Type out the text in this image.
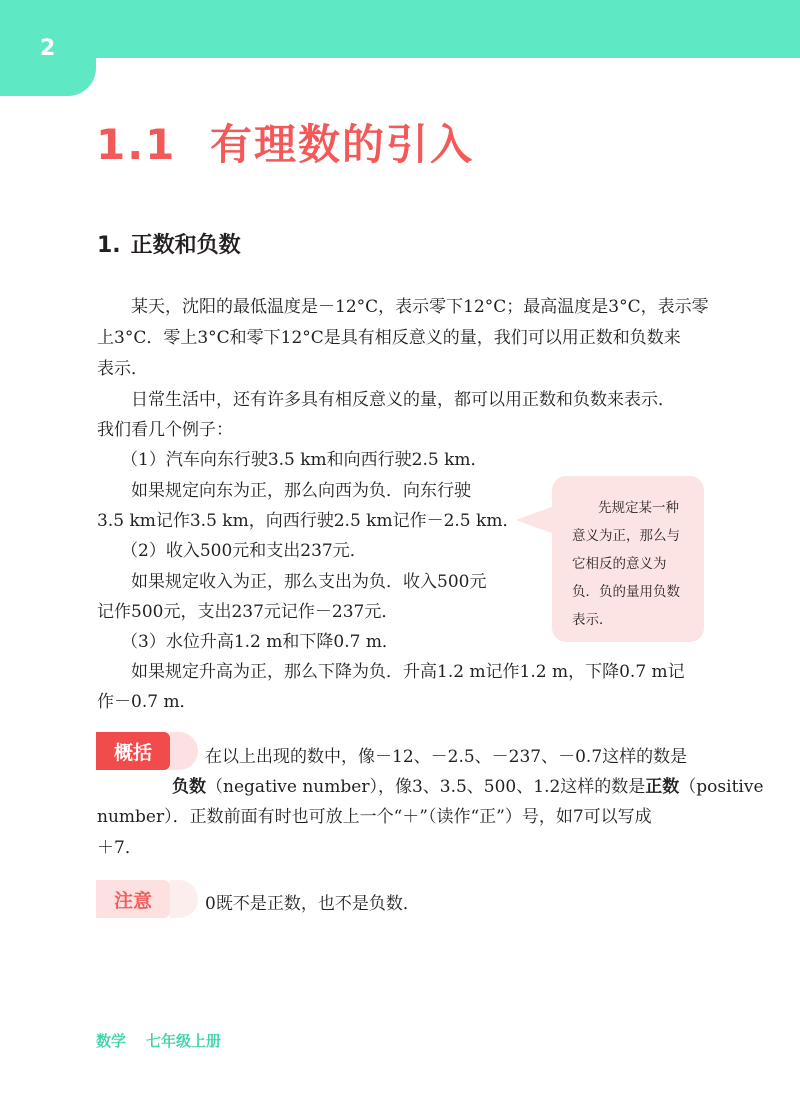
2
1.1 有理数的引入
1. 正数和负数
某天，沈阳的最低温度是－12°C，表示零下12°C；最高温度是3°C，表示零
上3°C．零上3°C和零下12°C是具有相反意义的量，我们可以用正数和负数来
表示．
日常生活中，还有许多具有相反意义的量，都可以用正数和负数来表示．
我们看几个例子：
（1）汽车向东行驶3.5 km和向西行驶2.5 km．
如果规定向东为正，那么向西为负．向东行驶
3.5 km记作3.5 km，向西行驶2.5 km记作－2.5 km．
（2）收入500元和支出237元．
如果规定收入为正，那么支出为负．收入500元
记作500元，支出237元记作－237元．
（3）水位升高1.2 m和下降0.7 m．
如果规定升高为正，那么下降为负．升高1.2 m记作1.2 m，下降0.7 m记
作－0.7 m．
先规定某一种
意义为正，那么与
它相反的意义为
负．负的量用负数
表示．
概括	在以上出现的数中，像－12、－2.5、－237、－0.7这样的数是
负数（negative number），像3、3.5、500、1.2这样的数是正数（positive
number）．正数前面有时也可放上一个“＋”（读作“正”）号，如7可以写成
＋7．
注意	0既不是正数，也不是负数．
数学 七年级上册
